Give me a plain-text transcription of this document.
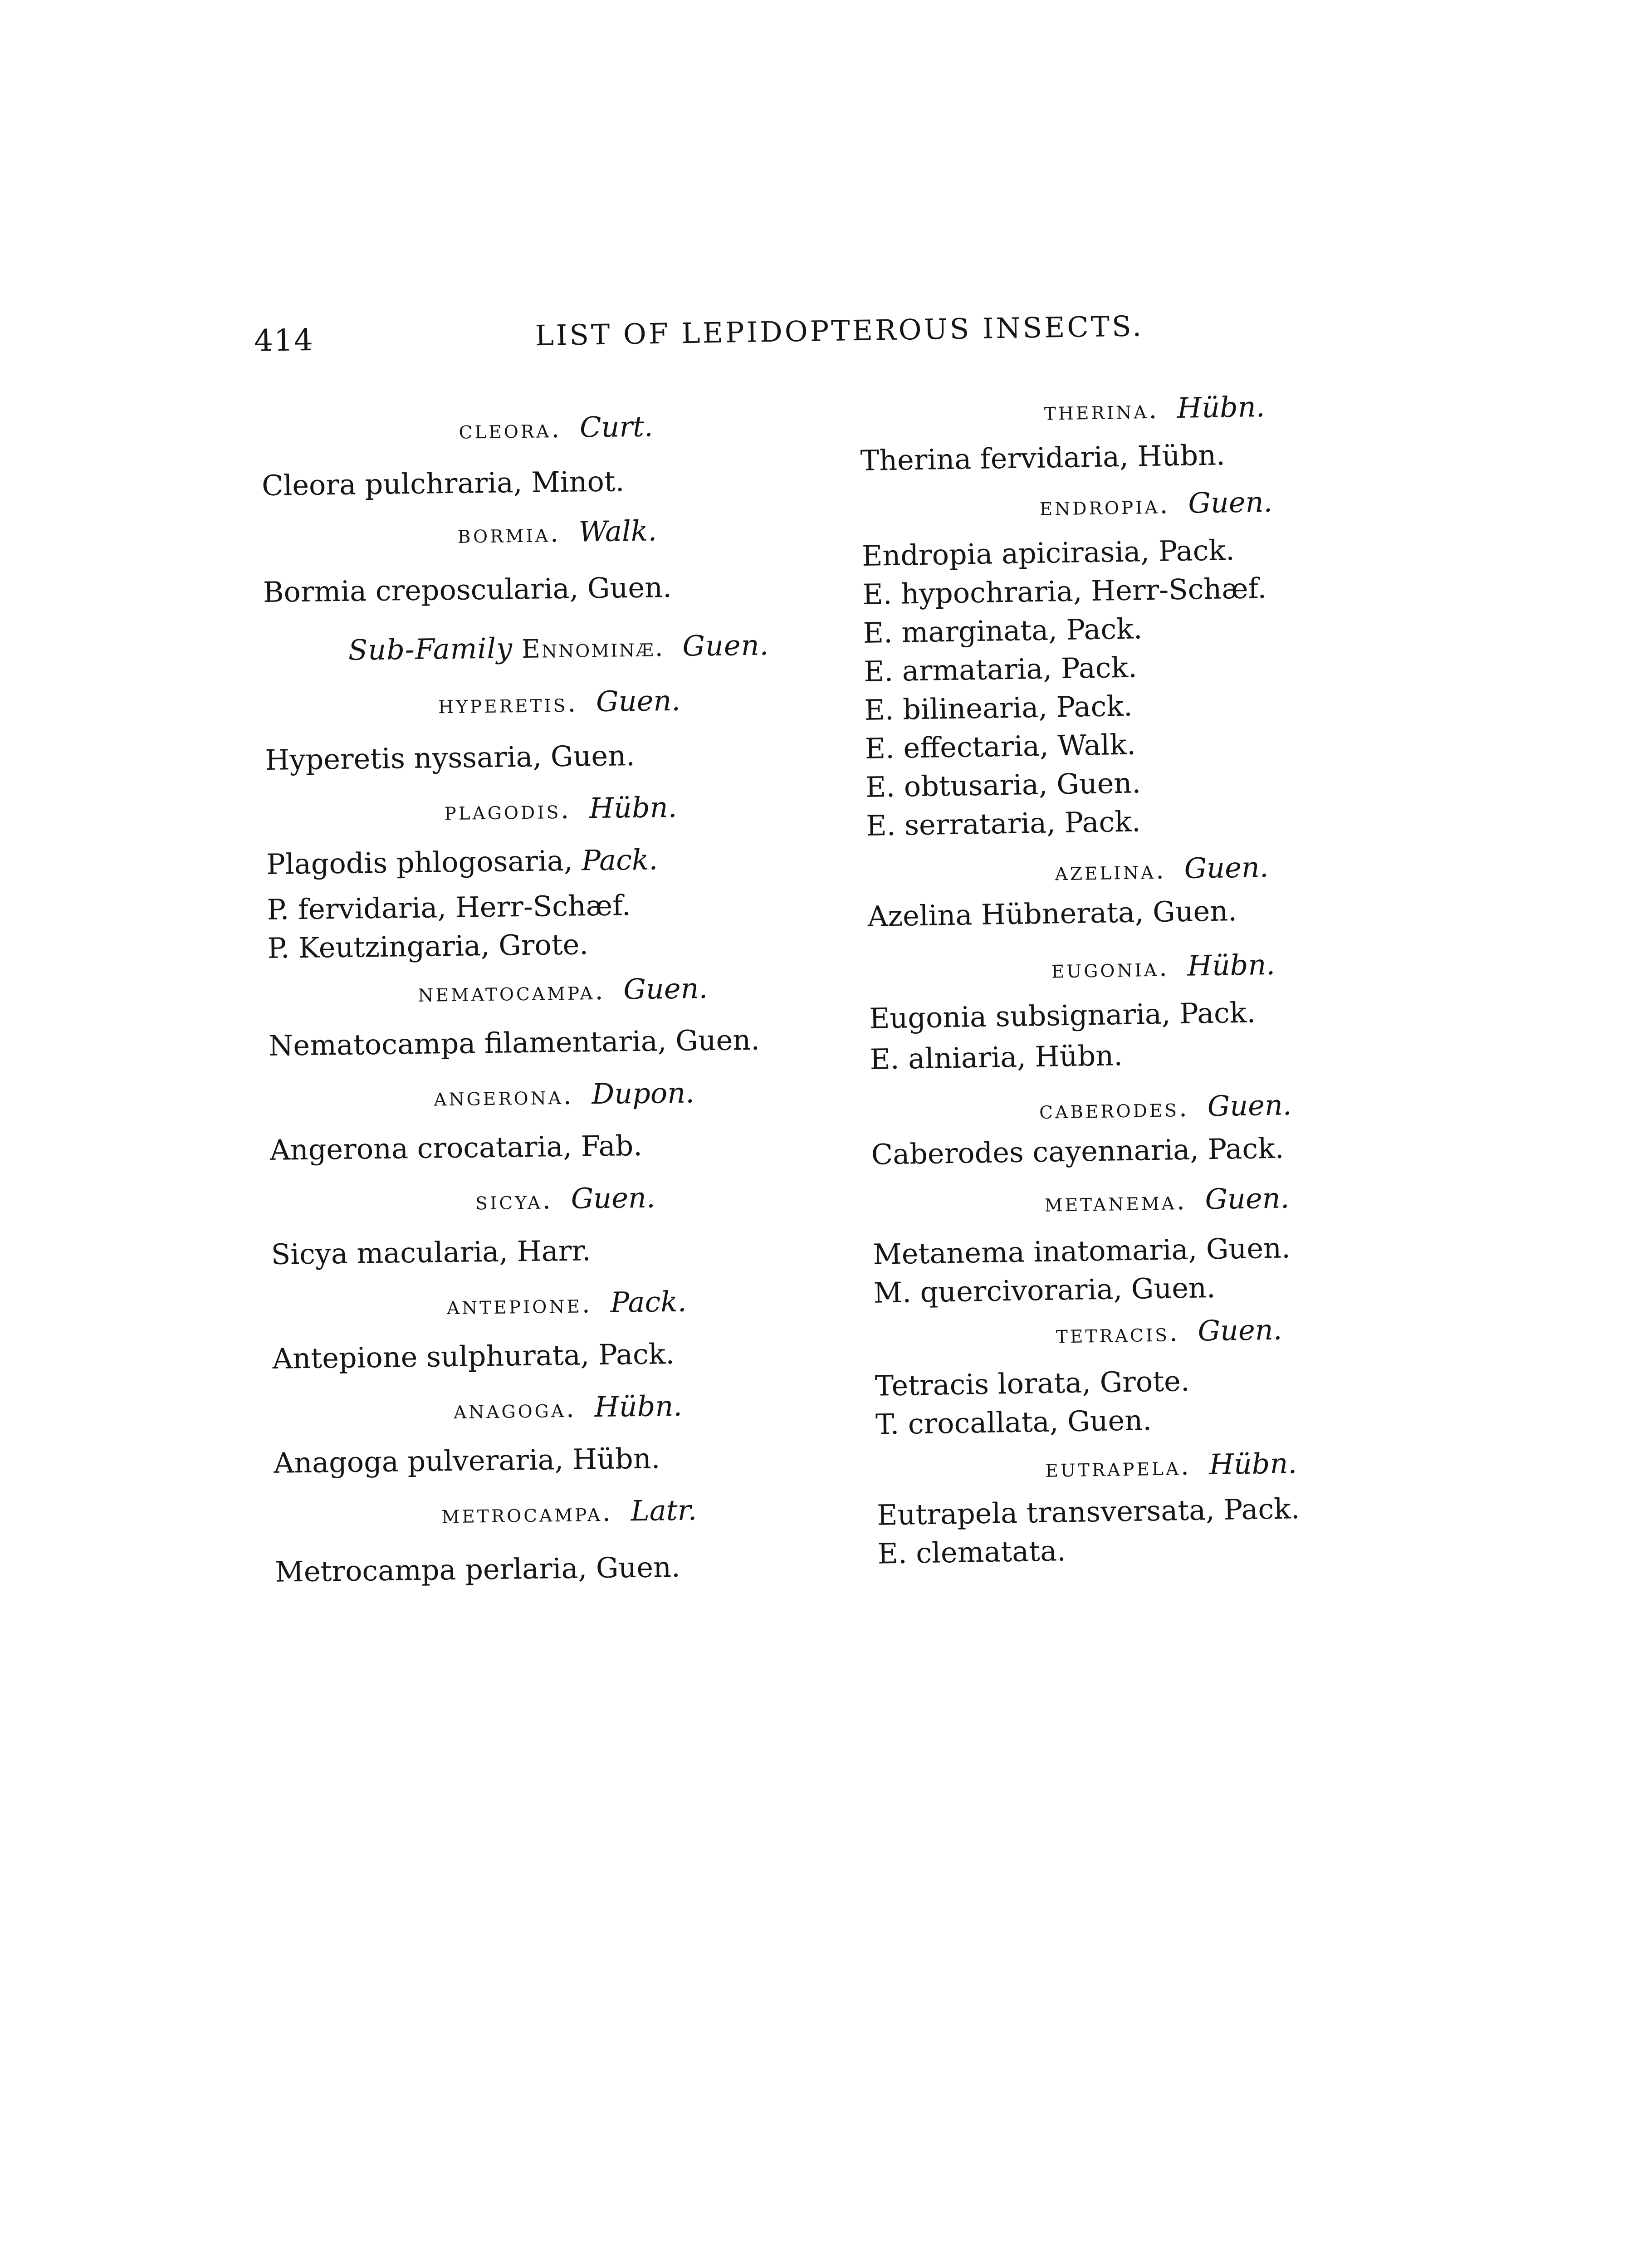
414	LIST OF LEPIDOPTEROUS INSECTS.
cleora. Curt.
Cleora pulchraria, Minot.
bormia. Walk.
Bormia creposcularia, Guen.
Sub-Family Ennominæ. Guen.
hyperetis. Guen.
Hyperetis nyssaria, Guen.
plagodis. Hübn.
Plagodis phlogosaria, Pack.
P. fervidaria, Herr-Schæf.
P. Keutzingaria, Grote.
nematocampa. Guen.
Nematocampa filamentaria, Guen.
angerona. Dupon.
Angerona crocataria, Fab.
sicya. Guen.
Sicya macularia, Harr.
antepione. Pack.
Antepione sulphurata, Pack.
anagoga. Hübn.
Anagoga pulveraria, Hübn.
metrocampa. Latr.
Metrocampa perlaria, Guen.
therina. Hübn.
Therina fervidaria, Hübn.
endropia. Guen.
Endropia apicirasia, Pack.
E. hypochraria, Herr-Schæf.
E. marginata, Pack.
E. armataria, Pack.
E. bilinearia, Pack.
E. effectaria, Walk.
E. obtusaria, Guen.
E. serrataria, Pack.
azelina. Guen.
Azelina Hübnerata, Guen.
eugonia. Hübn.
Eugonia subsignaria, Pack.
E. alniaria, Hübn.
caberodes. Guen.
Caberodes cayennaria, Pack.
metanema. Guen.
Metanema inatomaria, Guen.
M. quercivoraria, Guen.
tetracis. Guen.
Tetracis lorata, Grote.
T. crocallata, Guen.
eutrapela. Hübn.
Eutrapela transversata, Pack.
E. clematata.
